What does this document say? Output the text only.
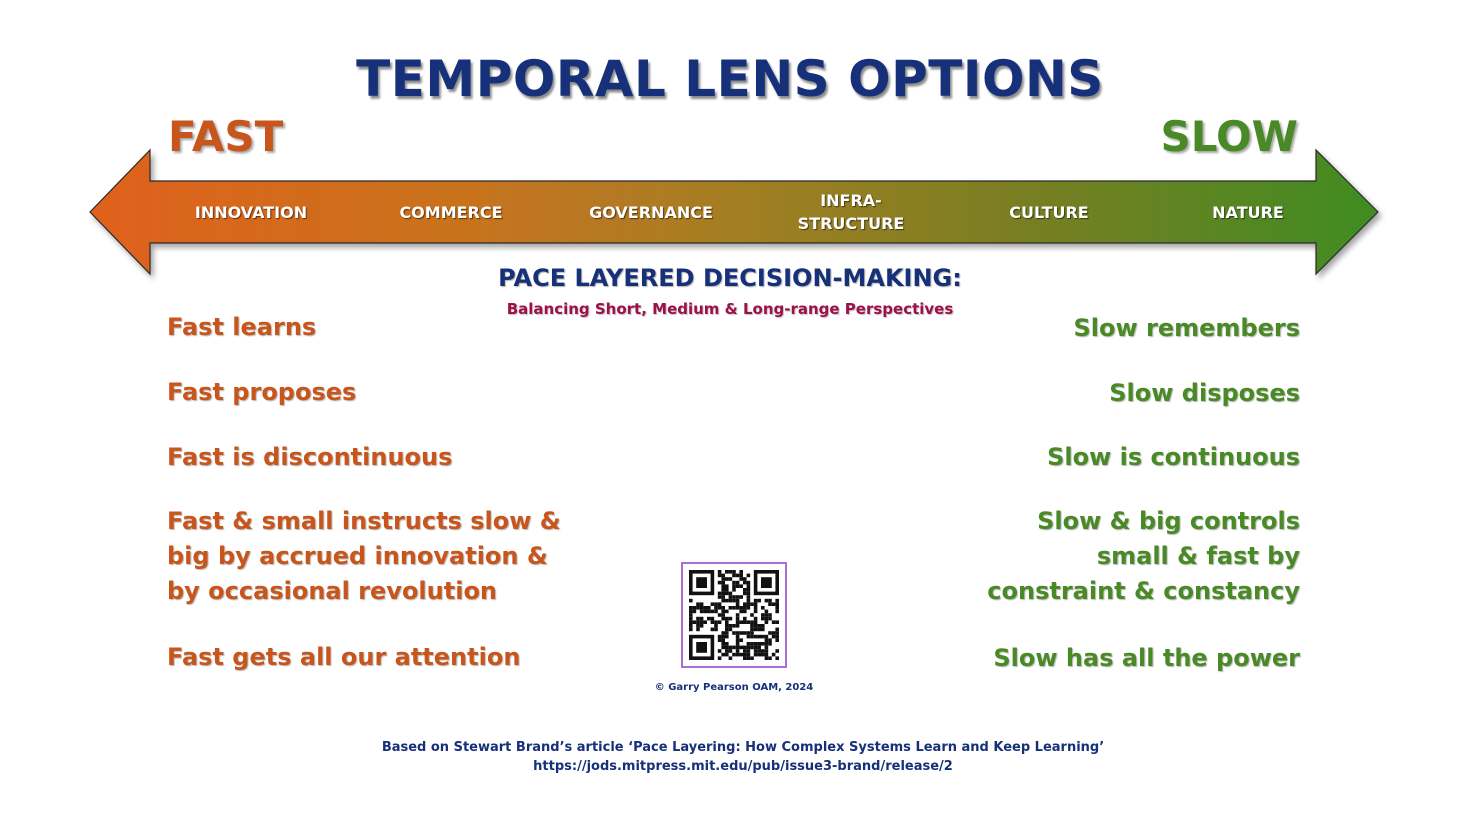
TEMPORAL LENS OPTIONS
FAST	SLOW
INNOVATION	COMMERCE	GOVERNANCE
INFRA-
STRUCTURE
CULTURE	NATURE
PACE LAYERED DECISION-MAKING:
Balancing Short, Medium & Long-range Perspectives
Fast learns
Fast proposes
Fast is discontinuous
Fast & small instructs slow &
big by accrued innovation &
by occasional revolution
Fast gets all our attention
Slow remembers
Slow disposes
Slow is continuous
Slow & big controls
small & fast by
constraint & constancy
Slow has all the power
© Garry Pearson OAM, 2024
Based on Stewart Brand’s article ‘Pace Layering: How Complex Systems Learn and Keep Learning’
https://jods.mitpress.mit.edu/pub/issue3-brand/release/2
